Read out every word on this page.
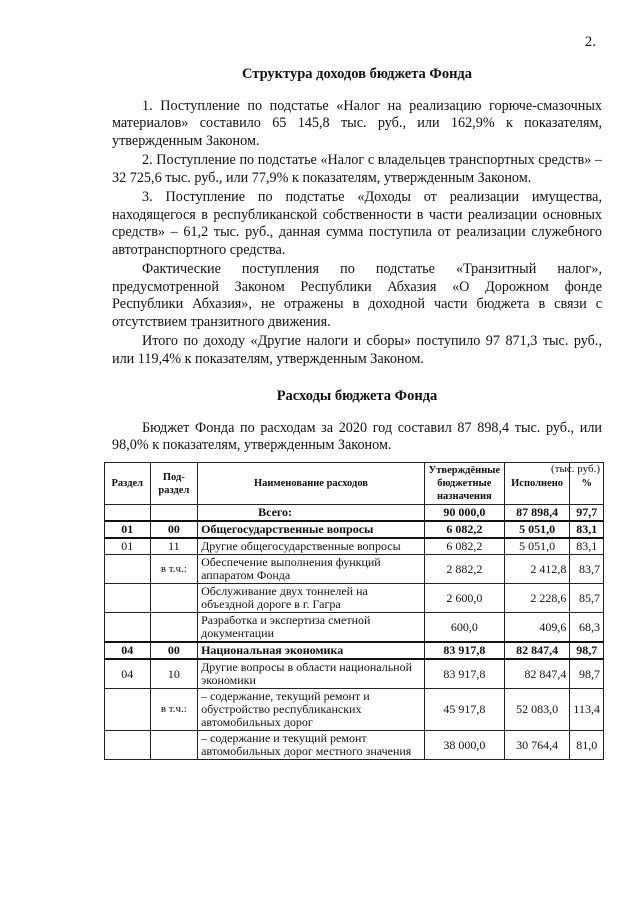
2.
Структура доходов бюджета Фонда

1. Поступление по подстатье «Налог на реализацию горюче-смазочных материалов» составило 65 145,8 тыс. руб., или 162,9% к показателям, утвержденным Законом.

2. Поступление по подстатье «Налог с владельцев транспортных средств» – 32 725,6 тыс. руб., или 77,9% к показателям, утвержденным Законом.

3. Поступление по подстатье «Доходы от реализации имущества, находящегося в республиканской собственности в части реализации основных средств» – 61,2 тыс. руб., данная сумма поступила от реализации служебного автотранспортного средства.

Фактические поступления по подстатье «Транзитный налог», предусмотренной Законом Республики Абхазия «О Дорожном фонде Республики Абхазия», не отражены в доходной части бюджета в связи с отсутствием транзитного движения.

Итого по доходу «Другие налоги и сборы» поступило 97 871,3 тыс. руб., или 119,4% к показателям, утвержденным Законом.

Расходы бюджета Фонда

Бюджет Фонда по расходам за 2020 год составил 87 898,4 тыс. руб., или 98,0% к показателям, утвержденным Законом.

(тыс. руб.)
Раздел	Под-раздел	Наименование расходов	Утверждённые бюджетные назначения	Исполнено	%
		Всего:	90 000,0	87 898,4	97,7
01	00	Общегосударственные вопросы	6 082,2	5 051,0	83,1
01	11	Другие общегосударственные вопросы	6 082,2	5 051,0	83,1
	в т.ч.:	Обеспечение выполнения функций аппаратом Фонда	2 882,2	2 412,8	83,7
		Обслуживание двух тоннелей на объездной дороге в г. Гагра	2 600,0	2 228,6	85,7
		Разработка и экспертиза сметной документации	600,0	409,6	68,3
04	00	Национальная экономика	83 917,8	82 847,4	98,7
04	10	Другие вопросы в области национальной экономики	83 917,8	82 847,4	98,7
	в т.ч.:	– содержание, текущий ремонт и обустройство республиканских автомобильных дорог	45 917,8	52 083,0	113,4
		– содержание и текущий ремонт автомобильных дорог местного значения	38 000,0	30 764,4	81,0
